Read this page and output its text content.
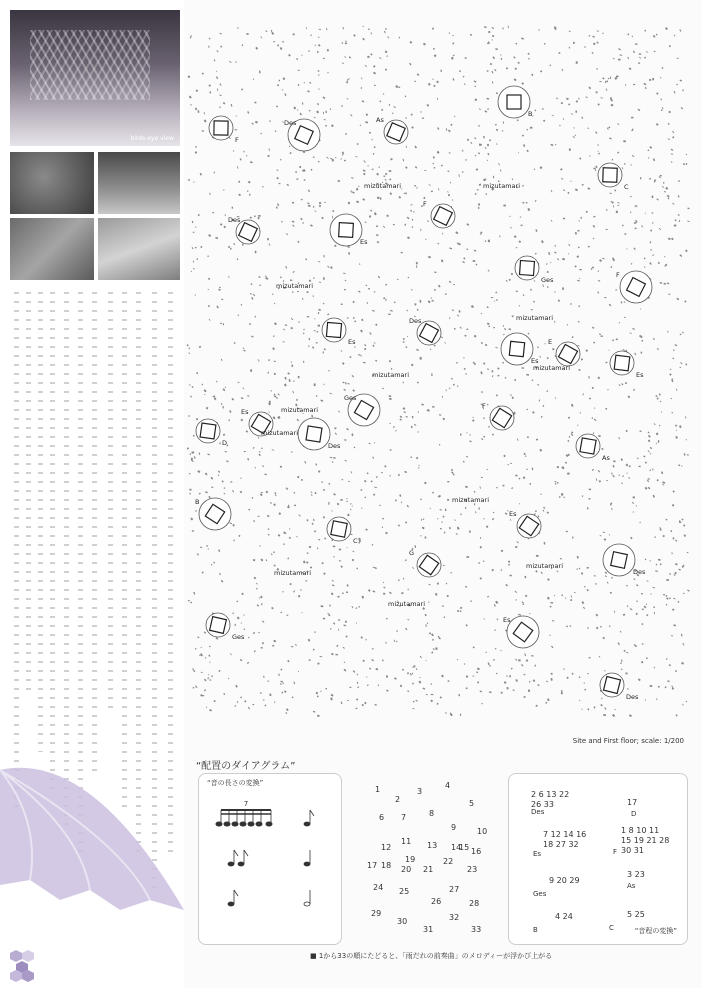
birds-eye view
B
As
F
Des
C
Des
Es
F
Ges
F
Es
Des
Es
E
Es
Ges
D
Es
Des
F
As
B
C
Es
Des
G
Ges
Es
Des
mizutamari	mizutamari
mizutamari
mizutamari
mizutamari
mizutamari
mizutamari
mizutamari
mizutamari
mizutamari
mizutamari
mizutamari
Site and First floor; scale: 1/200
“配置のダイアグラム”
“音の長さの変換”
7
1
2
3
4
5
6 7	8
9	10
11
12	13 14
15 16
17 18
19
20 21
22
23
24 25
26
27
28
29
30
31
32
33	“音程の変換”
2 6 13 22
26 33
Des
17
D
7 12 14 16
18 27 32
Es
1 8 10 11
15 19 21 28
30 31
F
9 20 29
Ges
3 23
As
4 24
B
5 25
C
■ 1から33の順にたどると、「雨だれの前奏曲」のメロディーが浮かび上がる
